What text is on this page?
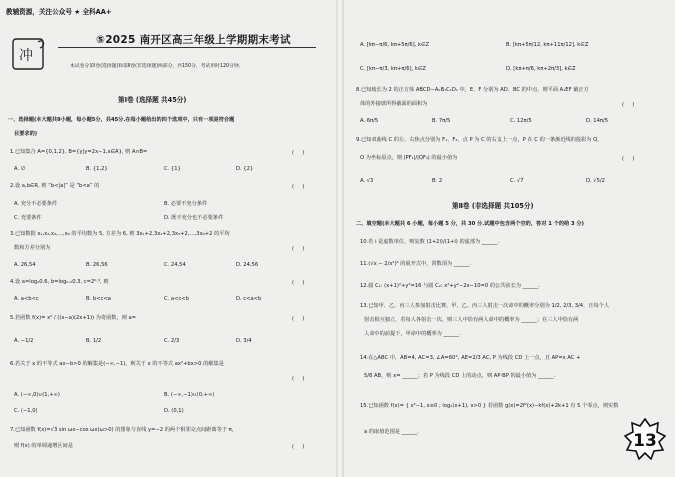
教辅资源，关注公众号 ★ 全科AA+
冲
⑤2025 南开区高三年级上学期期末考试
本试卷分第Ⅰ卷(选择题)和第Ⅱ卷(非选择题)两部分，共150分，考试用时120分钟。
第Ⅰ卷 (选择题 共45分)
一、选择题(本大题共9小题，每小题5分，共45分.在每小题给出的四个选项中，只有一项是符合题
目要求的)
1.已知集合 A={0,1,2}, B={y|y=2x−1,x∈A}, 则 A∩B=	(     )
A. ∅	B. {1,2}	C. {1}	D. {2}
2.设 a,b∈R, 则 “b<|a|” 是 “b<a” 的	(     )
A. 充分不必要条件	B. 必要不充分条件
C. 充要条件	D. 既不充分也不必要条件
3.已知数据 x₁,x₂,x₃,…,x₈ 的平均数为 5, 方差为 6, 则 3x₁+2,3x₂+2,3x₃+2,…,3x₈+2 的平均
数和方差分别为	(     )
A. 26,54	B. 26,56	C. 24,54	D. 24,56
4.设 a=log₂0.6, b=log₀.₅0.3, c=2⁰·³, 则	(     )
A. a<b<c	B. b<c<a	C. a<c<b	D. c<a<b
5.若函数 f(x)= x² / ((x−a)(2x+1)) 为奇函数，则 a=	(     )
A. −1/2	B. 1/2	C. 2/3	D. 3/4
6.若关于 x 的不等式 ax−b>0 的解集是(−∞,−1)，则关于 x 的不等式 ax²+bx>0 的解集是
(     )
A. (−∞,0)∪(1,+∞)	B. (−∞,−1)∪(0,+∞)
C. (−1,0)	D. (0,1)
7.已知函数 f(x)=√3 sin ωx−cos ωx(ω>0) 的图象与直线 y=−2 的两个相邻交点间距离等于 π，
则 f(x) 的单调递增区间是	(     )
A. [kπ−π/6, kπ+5π/6], k∈Z	B. [kπ+5π/12, kπ+11π/12], k∈Z
C. [kπ−π/3, kπ+π/6], k∈Z	D. [kπ+π/6, kπ+2π/3], k∈Z
8.已知棱长为 2 的正方体 ABCD−A₁B₁C₁D₁ 中，E、F 分别为 AD、BC 的中点，则平面 A₁EF 截正方
体的外接球所得截面的面积为	(     )
A. 6π/5	B. 7π/5	C. 12π/5	D. 14π/5
9.已知双曲线 C 的左、右焦点分别为 F₁、F₂，点 P 为 C 的右支上一点，P 在 C 的一条渐近线的投影为 Q，
O 为坐标原点，则 |PF₁|/|QF₂| 的最小值为	(     )
A. √3	B. 2	C. √7	D. √5/2
第Ⅱ卷 (非选择题 共105分)
二、填空题(本大题共 6 小题，每小题 5 分，共 30 分.试题中包含两个空的，答对 1 个的给 3 分)
10.若 i 是虚数单位，则复数 (1+2i)/(1+i) 的虚部为 ______.
11.(√x − 2/x²)⁶ 的展开式中，常数项为 ______.
12.圆 C₁: (x+1)²+y²=16 与圆 C₂: x²+y²−2x−10=0 的公共弦长为 ______.
13.已知甲、乙、丙三人参加射击比赛，甲、乙、丙三人射击一次命中的概率分别为 1/2, 2/3, 3/4，且每个人
射击相互独立，若每人各射击一次，则三人中恰有两人命中的概率为 ______；在三人中恰有两
人命中的前提下，甲命中的概率为 ______.
14.在△ABC 中，AB=4, AC=3, ∠A=60°, AE=2/3 AC, P 为线段 CD 上一点，且 AP=x AC +
5/8 AB，则 x= ______；若 P 为线段 CD 上的动点，则 AP·BP 的最小值为 ______.
15.已知函数 f(x)= { x²−1, x≤0 ; log₂(x+1), x>0 } 若函数 g(x)=2f²(x)−kf(x)+2k+1 有 5 个零点，则实数
a 的取值范围是 ______.	13
